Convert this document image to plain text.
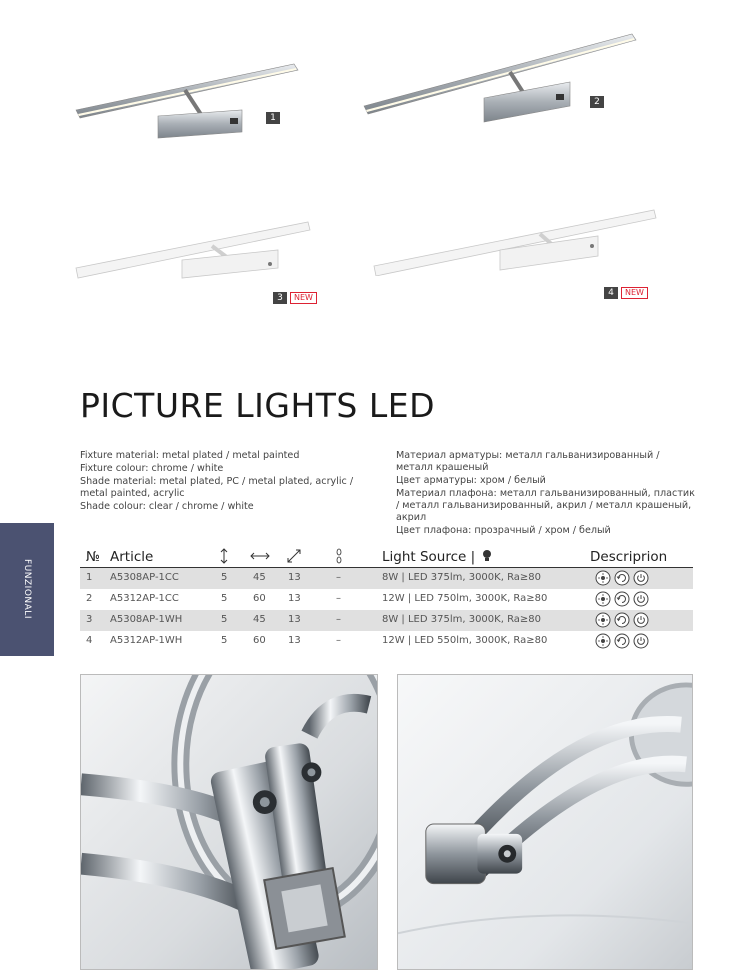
1
2
3	NEW	4	NEW
FUNZIONALI
PICTURE LIGHTS LED

Fixture material: metal plated / metal painted

Fixture colour: chrome / white

Shade material: metal plated, PC / metal plated, acrylic / metal painted, acrylic

Shade colour: clear / chrome / white

Материал арматуры: металл гальванизированный / металл крашеный

Цвет арматуры: хром / белый

Материал плафона: металл гальванизированный, пластик / металл гальванизированный, акрил / металл крашеный, акрил

Цвет плафона: прозрачный / хром / белый

№ Article	Light Source |	Descriprion
1 A5308AP-1CC	5	45 13	–	8W | LED 375lm, 3000K, Ra≥80
2 A5312AP-1CC	5	60 13	–	12W | LED 750lm, 3000K, Ra≥80
3 A5308AP-1WH	5	45 13	–	8W | LED 375lm, 3000K, Ra≥80
4 A5312AP-1WH	5	60 13	–	12W | LED 550lm, 3000K, Ra≥80
